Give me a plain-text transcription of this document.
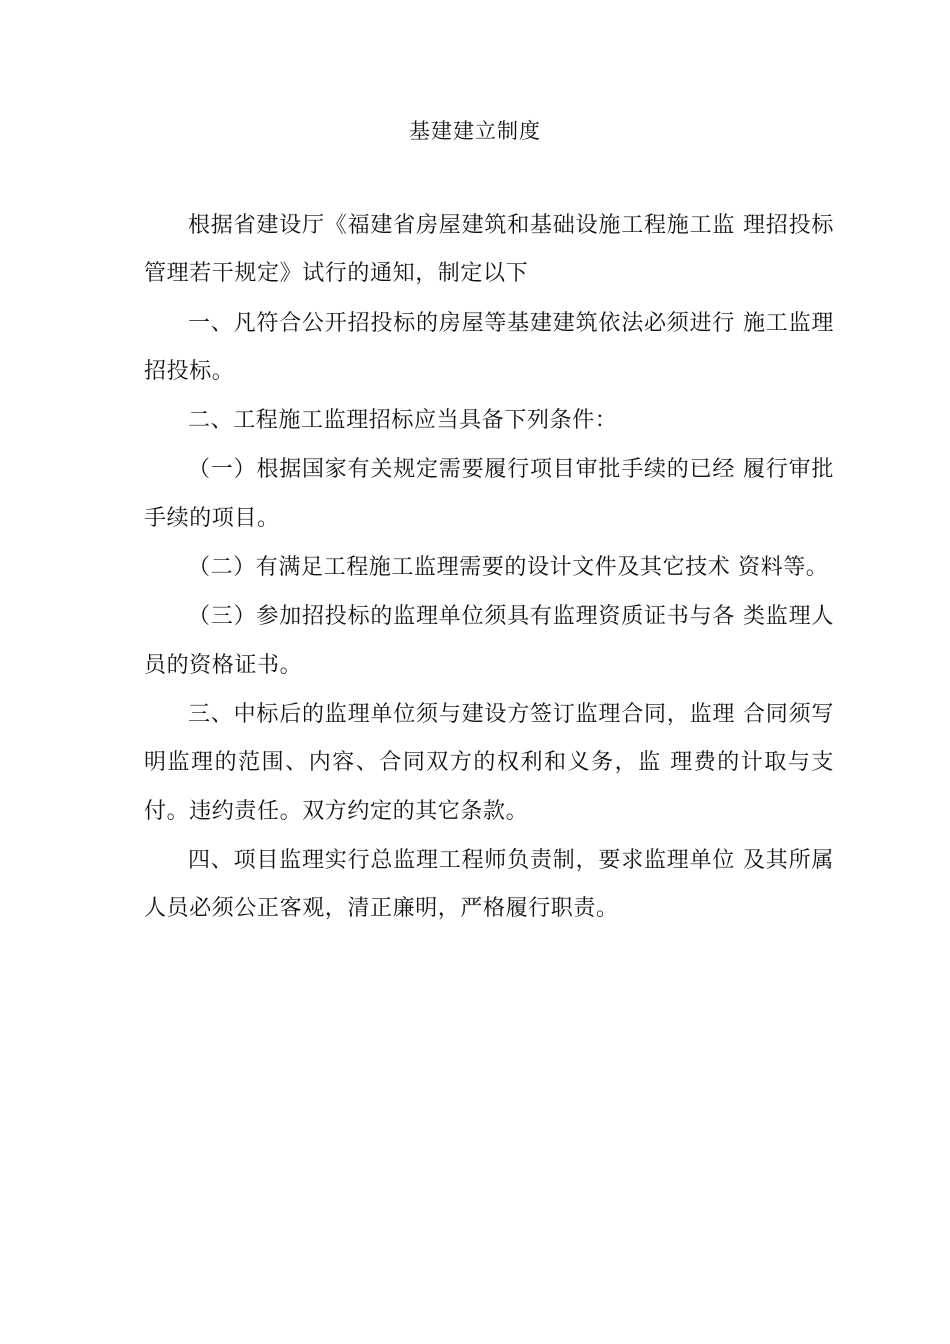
基建建立制度

根据省建设厅《福建省房屋建筑和基础设施工程施工监 理招投标管理若干规定》试行的通知，制定以下

一、凡符合公开招投标的房屋等基建建筑依法必须进行 施工监理招投标。

二、工程施工监理招标应当具备下列条件：

（一）根据国家有关规定需要履行项目审批手续的已经 履行审批手续的项目。

（二）有满足工程施工监理需要的设计文件及其它技术 资料等。

（三）参加招投标的监理单位须具有监理资质证书与各 类监理人员的资格证书。

三、中标后的监理单位须与建设方签订监理合同，监理 合同须写明监理的范围、内容、合同双方的权利和义务，监 理费的计取与支付。违约责任。双方约定的其它条款。

四、项目监理实行总监理工程师负责制，要求监理单位 及其所属人员必须公正客观，清正廉明，严格履行职责。
